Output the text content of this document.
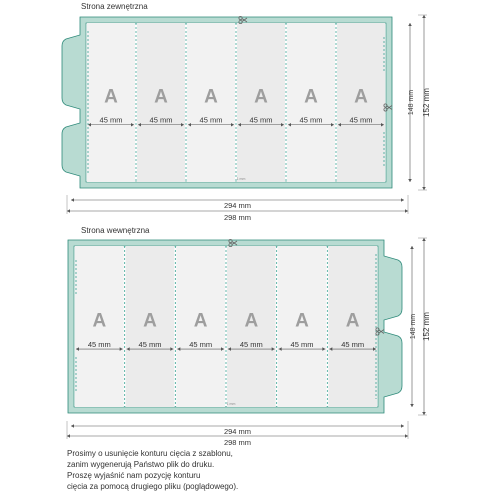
Strona zewnętrzna
A
45 mm
A
45 mm
A
45 mm
A
45 mm
A
45 mm
A
45 mm
1 mm
294 mm
298 mm
148 mm 152 mm
Strona wewnętrzna
A
45 mm
A
45 mm
A
45 mm
A
45 mm
A
45 mm
A
45 mm
1 mm
294 mm
298 mm
148 mm 152 mm
Prosimy o usunięcie konturu cięcia z szablonu,
zanim wygenerują Państwo plik do druku.
Proszę wyjaśnić nam pozycję konturu
cięcia za pomocą drugiego pliku (poglądowego).
